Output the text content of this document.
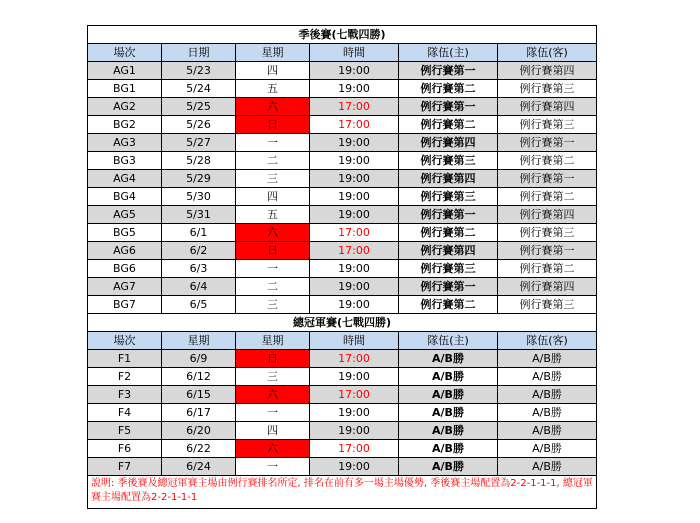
季後賽(七戰四勝)					
場次	日期	星期	時間	隊伍(主)	隊伍(客)
AG1	5/23	四	19:00	例行賽第一	例行賽第四
BG1	5/24	五	19:00	例行賽第二	例行賽第三
AG2	5/25	六	17:00	例行賽第一	例行賽第四
BG2	5/26	日	17:00	例行賽第二	例行賽第三
AG3	5/27	一	19:00	例行賽第四	例行賽第一
BG3	5/28	二	19:00	例行賽第三	例行賽第二
AG4	5/29	三	19:00	例行賽第四	例行賽第一
BG4	5/30	四	19:00	例行賽第三	例行賽第二
AG5	5/31	五	19:00	例行賽第一	例行賽第四
BG5	6/1	六	17:00	例行賽第二	例行賽第三
AG6	6/2	日	17:00	例行賽第四	例行賽第一
BG6	6/3	一	19:00	例行賽第三	例行賽第二
AG7	6/4	二	19:00	例行賽第一	例行賽第四
BG7	6/5	三	19:00	例行賽第二	例行賽第三
總冠軍賽(七戰四勝)					
場次	星期	星期	時間	隊伍(主)	隊伍(客)
F1	6/9	日	17:00	A/B勝	A/B勝
F2	6/12	三	19:00	A/B勝	A/B勝
F3	6/15	六	17:00	A/B勝	A/B勝
F4	6/17	一	19:00	A/B勝	A/B勝
F5	6/20	四	19:00	A/B勝	A/B勝
F6	6/22	六	17:00	A/B勝	A/B勝
F7	6/24	一	19:00	A/B勝	A/B勝
說明: 季後賽及總冠軍賽主場由例行賽排名所定, 排名在前有多一場主場優勢, 季後賽主場配置為2-2-1-1-1, 總冠軍賽主場配置為2-2-1-1-1					
